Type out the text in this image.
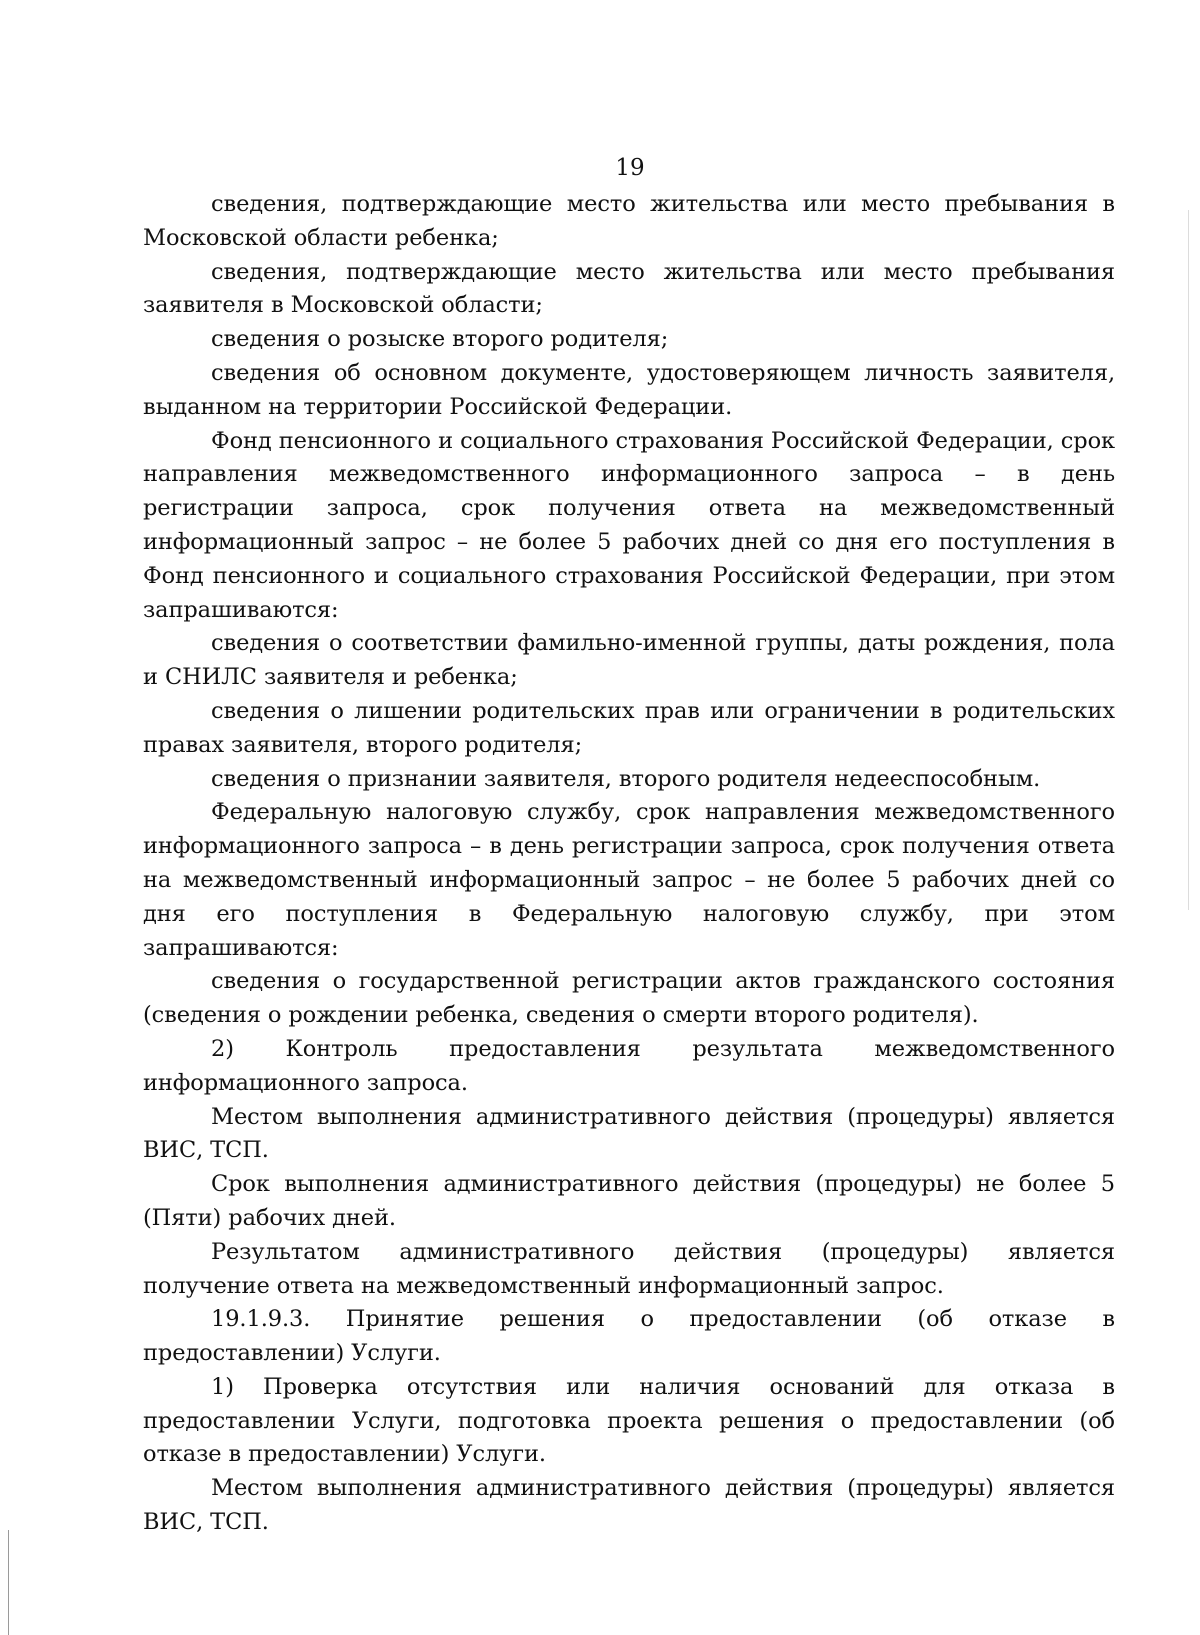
19

сведения, подтверждающие место жительства или место пребывания в Московской области ребенка;

сведения, подтверждающие место жительства или место пребывания заявителя в Московской области;

сведения о розыске второго родителя;

сведения об основном документе, удостоверяющем личность заявителя, выданном на территории Российской Федерации.

Фонд пенсионного и социального страхования Российской Федерации, срок направления межведомственного информационного запроса – в день регистрации запроса, срок получения ответа на межведомственный информационный запрос – не более 5 рабочих дней со дня его поступления в Фонд пенсионного и социального страхования Российской Федерации, при этом запрашиваются:

сведения о соответствии фамильно-именной группы, даты рождения, пола и СНИЛС заявителя и ребенка;

сведения о лишении родительских прав или ограничении в родительских правах заявителя, второго родителя;

сведения о признании заявителя, второго родителя недееспособным.

Федеральную налоговую службу, срок направления межведомственного информационного запроса – в день регистрации запроса, срок получения ответа на межведомственный информационный запрос – не более 5 рабочих дней со дня его поступления в Федеральную налоговую службу, при этом запрашиваются:

сведения о государственной регистрации актов гражданского состояния (сведения о рождении ребенка, сведения о смерти второго родителя).

2) Контроль предоставления результата межведомственного информационного запроса.

Местом выполнения административного действия (процедуры) является ВИС, ТСП.

Срок выполнения административного действия (процедуры) не более 5 (Пяти) рабочих дней.

Результатом административного действия (процедуры) является получение ответа на межведомственный информационный запрос.

19.1.9.3. Принятие решения о предоставлении (об отказе в предоставлении) Услуги.

1) Проверка отсутствия или наличия оснований для отказа в предоставлении Услуги, подготовка проекта решения о предоставлении (об отказе в предоставлении) Услуги.

Местом выполнения административного действия (процедуры) является ВИС, ТСП.
